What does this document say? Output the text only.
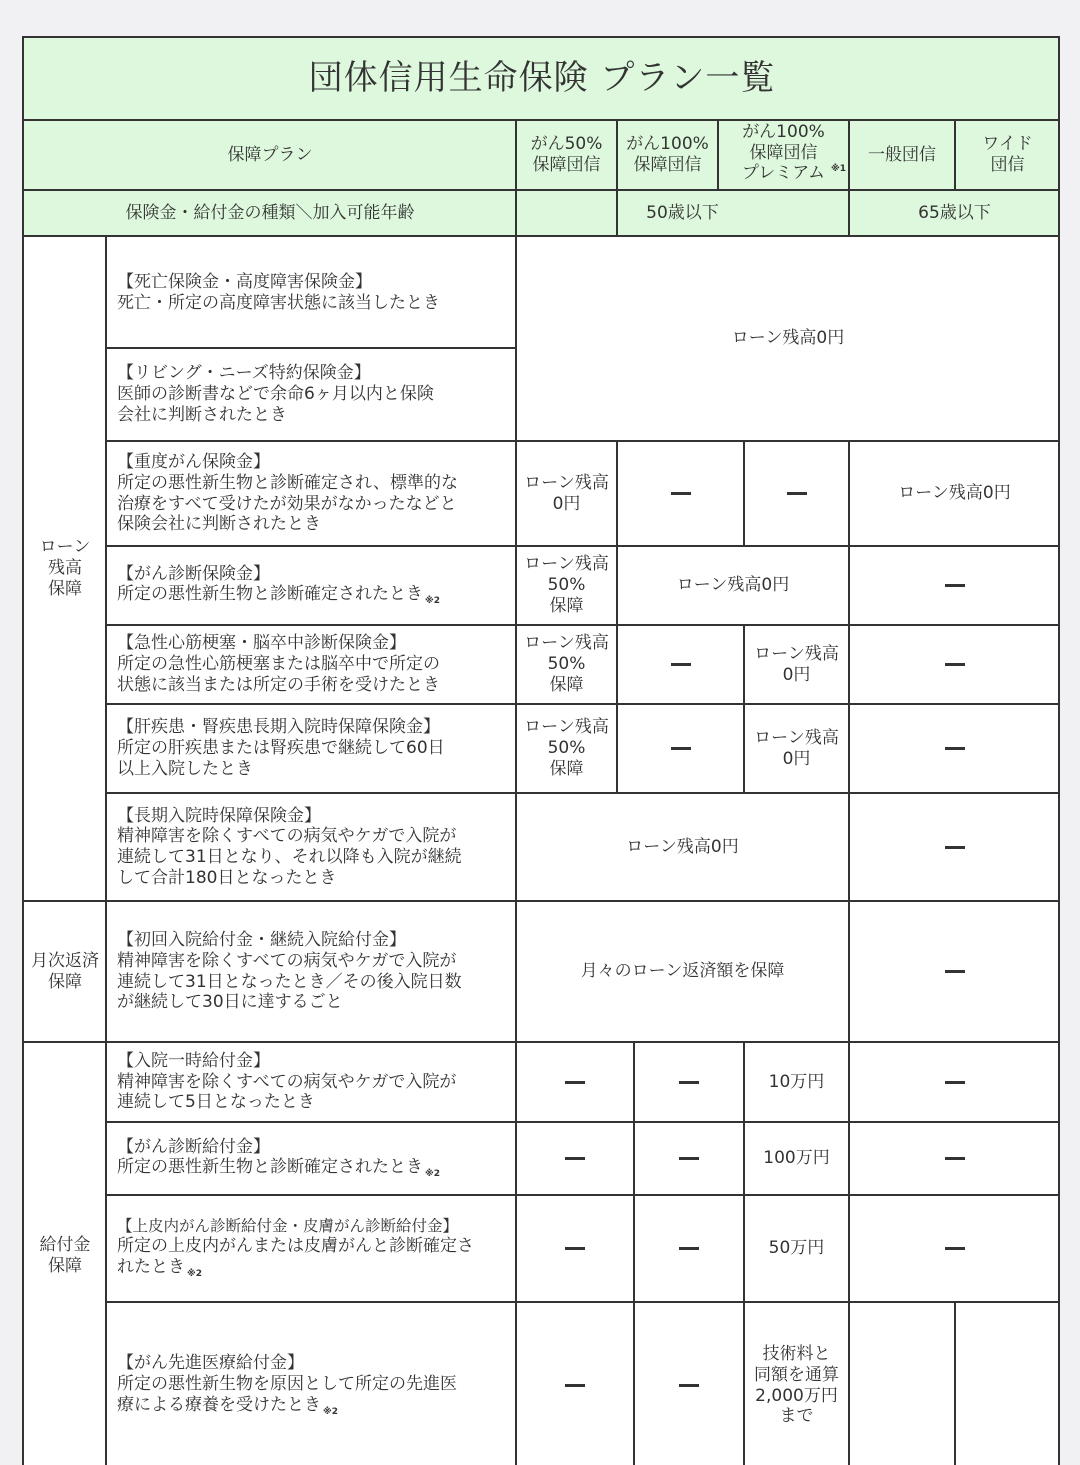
団体信用生命保険 プラン一覧
保障プラン
がん50%
保障団信
がん100%
保障団信
がん100%
保障団信
プレミアム ※1
一般団信
ワイド
団信
保険金・給付金の種類＼加入可能年齢	50歳以下	65歳以下
ローン
残高
保障
月次返済
保障
給付金
保障
【死亡保険金・高度障害保険金】
死亡・所定の高度障害状態に該当したとき
【リビング・ニーズ特約保険金】
医師の診断書などで余命6ヶ月以内と保険
会社に判断されたとき
【重度がん保険金】
所定の悪性新生物と診断確定され、標準的な
治療をすべて受けたが効果がなかったなどと
保険会社に判断されたとき
【がん診断保険金】
所定の悪性新生物と診断確定されたとき $_{※2}$
【急性心筋梗塞・脳卒中診断保険金】
所定の急性心筋梗塞または脳卒中で所定の
状態に該当または所定の手術を受けたとき
【肝疾患・腎疾患長期入院時保障保険金】
所定の肝疾患または腎疾患で継続して60日
以上入院したとき
【長期入院時保障保険金】
精神障害を除くすべての病気やケガで入院が
連続して31日となり、それ以降も入院が継続
して合計180日となったとき
【初回入院給付金・継続入院給付金】
精神障害を除くすべての病気やケガで入院が
連続して31日となったとき／その後入院日数
が継続して30日に達するごと
【入院一時給付金】
精神障害を除くすべての病気やケガで入院が
連続して5日となったとき
【がん診断給付金】
所定の悪性新生物と診断確定されたとき $_{※2}$
【上皮内がん診断給付金・皮膚がん診断給付金】
所定の上皮内がんまたは皮膚がんと診断確定さ
れたとき $_{※2}$
【がん先進医療給付金】
所定の悪性新生物を原因として所定の先進医
療による療養を受けたとき $_{※2}$
ローン残高0円
ローン残高
0円
ローン残高0円
ローン残高
50%
保障
ローン残高0円
ローン残高
50%
保障
ローン残高
0円
ローン残高
50%
保障
ローン残高
0円
ローン残高0円
月々のローン返済額を保障
10万円
100万円
50万円
技術料と
同額を通算
2,000万円
まで
